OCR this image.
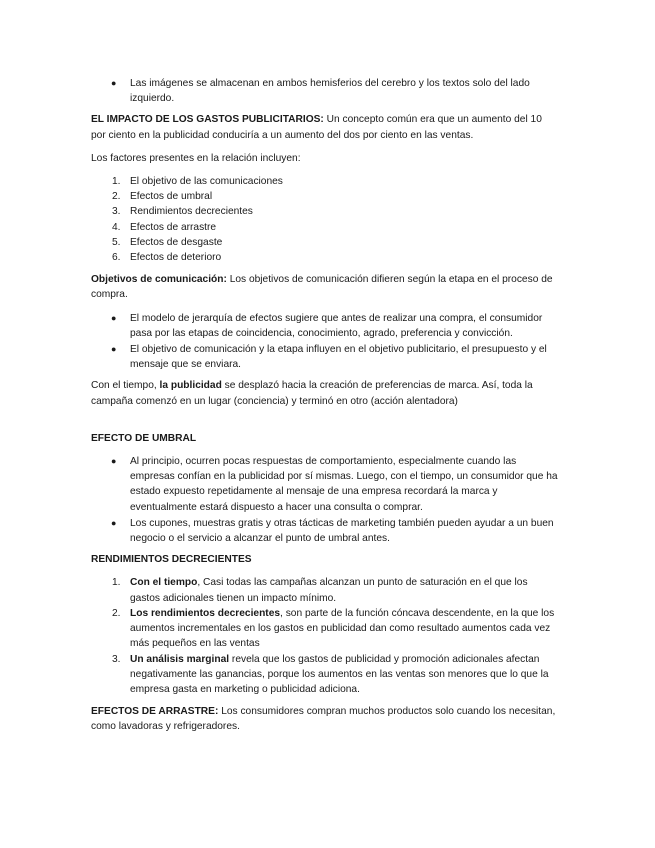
● Las imágenes se almacenan en ambos hemisferios del cerebro y los textos solo del lado izquierdo.

EL IMPACTO DE LOS GASTOS PUBLICITARIOS: Un concepto común era que un aumento del 10 por ciento en la publicidad conduciría a un aumento del dos por ciento en las ventas.

Los factores presentes en la relación incluyen:

1. El objetivo de las comunicaciones
2. Efectos de umbral
3. Rendimientos decrecientes
4. Efectos de arrastre
5. Efectos de desgaste
6. Efectos de deterioro

Objetivos de comunicación: Los objetivos de comunicación difieren según la etapa en el proceso de compra.

● El modelo de jerarquía de efectos sugiere que antes de realizar una compra, el consumidor pasa por las etapas de coincidencia, conocimiento, agrado, preferencia y convicción.
● El objetivo de comunicación y la etapa influyen en el objetivo publicitario, el presupuesto y el mensaje que se enviara.

Con el tiempo, la publicidad se desplazó hacia la creación de preferencias de marca. Así, toda la campaña comenzó en un lugar (conciencia) y terminó en otro (acción alentadora)

EFECTO DE UMBRAL

● Al principio, ocurren pocas respuestas de comportamiento, especialmente cuando las empresas confían en la publicidad por sí mismas. Luego, con el tiempo, un consumidor que ha estado expuesto repetidamente al mensaje de una empresa recordará la marca y eventualmente estará dispuesto a hacer una consulta o comprar.
● Los cupones, muestras gratis y otras tácticas de marketing también pueden ayudar a un buen negocio o el servicio a alcanzar el punto de umbral antes.

RENDIMIENTOS DECRECIENTES

1. Con el tiempo, Casi todas las campañas alcanzan un punto de saturación en el que los gastos adicionales tienen un impacto mínimo.
2. Los rendimientos decrecientes, son parte de la función cóncava descendente, en la que los aumentos incrementales en los gastos en publicidad dan como resultado aumentos cada vez más pequeños en las ventas
3. Un análisis marginal revela que los gastos de publicidad y promoción adicionales afectan negativamente las ganancias, porque los aumentos en las ventas son menores que lo que la empresa gasta en marketing o publicidad adiciona.

EFECTOS DE ARRASTRE: Los consumidores compran muchos productos solo cuando los necesitan, como lavadoras y refrigeradores.
